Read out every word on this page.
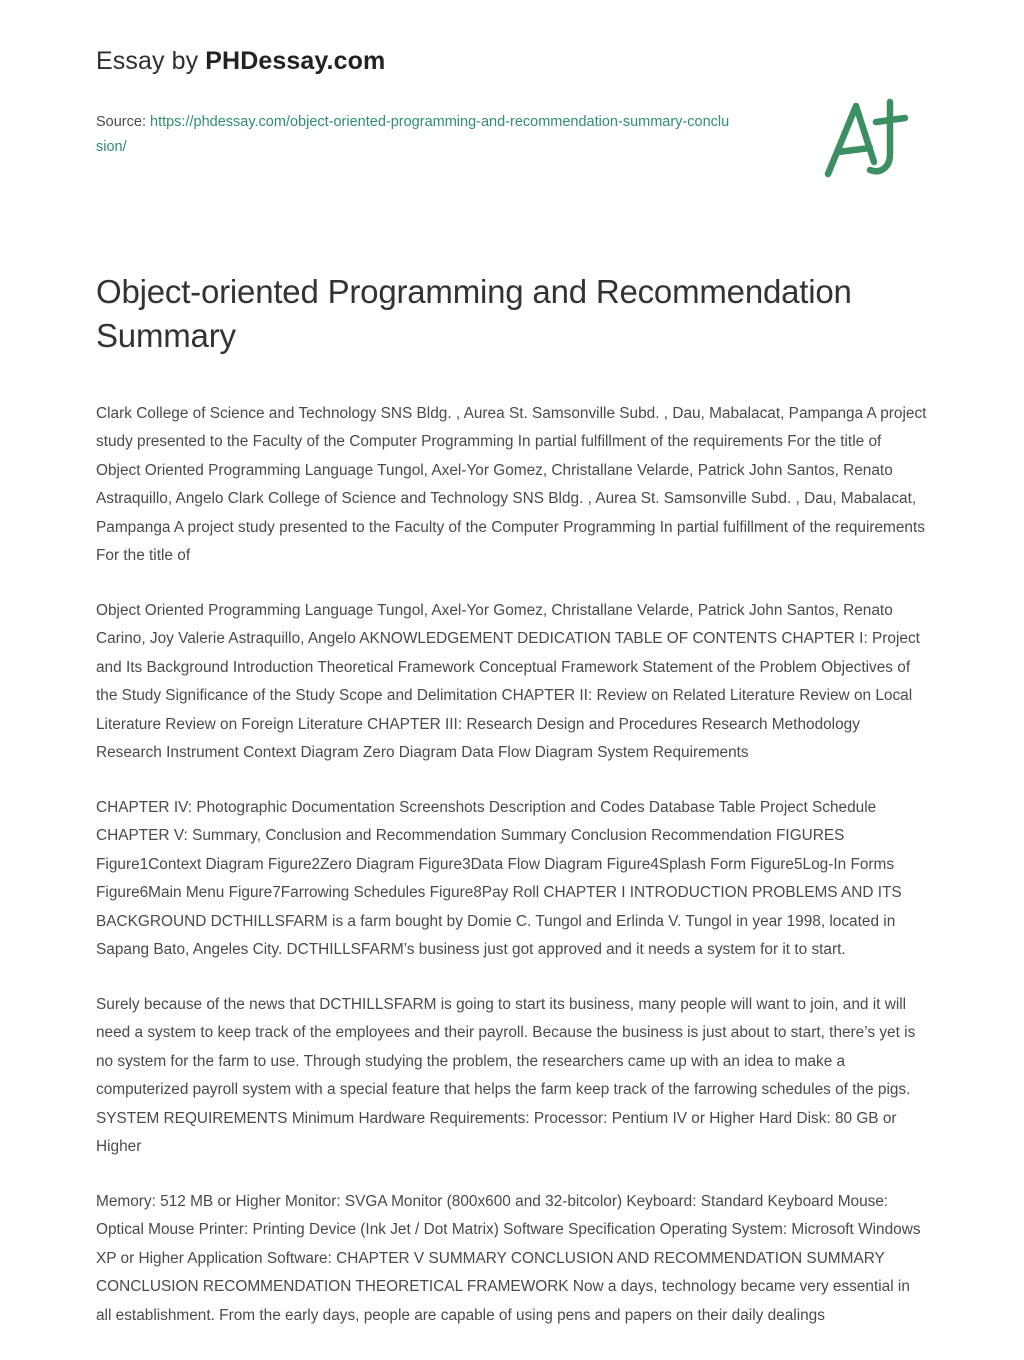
Essay by PHDessay.com
Source: https://phdessay.com/object-oriented-programming-and-recommendation-summary-conclusion/
Object-oriented Programming and Recommendation Summary

Clark College of Science and Technology SNS Bldg. , Aurea St. Samsonville Subd. , Dau, Mabalacat, Pampanga A project study presented to the Faculty of the Computer Programming In partial fulfillment of the requirements For the title of Object Oriented Programming Language Tungol, Axel-Yor Gomez, Christallane Velarde, Patrick John Santos, Renato Astraquillo, Angelo Clark College of Science and Technology SNS Bldg. , Aurea St. Samsonville Subd. , Dau, Mabalacat, Pampanga A project study presented to the Faculty of the Computer Programming In partial fulfillment of the requirements For the title of

Object Oriented Programming Language Tungol, Axel-Yor Gomez, Christallane Velarde, Patrick John Santos, Renato Carino, Joy Valerie Astraquillo, Angelo AKNOWLEDGEMENT DEDICATION TABLE OF CONTENTS CHAPTER I: Project and Its Background Introduction Theoretical Framework Conceptual Framework Statement of the Problem Objectives of the Study Significance of the Study Scope and Delimitation CHAPTER II: Review on Related Literature Review on Local Literature Review on Foreign Literature CHAPTER III: Research Design and Procedures Research Methodology Research Instrument Context Diagram Zero Diagram Data Flow Diagram System Requirements

CHAPTER IV: Photographic Documentation Screenshots Description and Codes Database Table Project Schedule CHAPTER V: Summary, Conclusion and Recommendation Summary Conclusion Recommendation FIGURES Figure1Context Diagram Figure2Zero Diagram Figure3Data Flow Diagram Figure4Splash Form Figure5Log-In Forms Figure6Main Menu Figure7Farrowing Schedules Figure8Pay Roll CHAPTER I INTRODUCTION PROBLEMS AND ITS BACKGROUND DCTHILLSFARM is a farm bought by Domie C. Tungol and Erlinda V. Tungol in year 1998, located in Sapang Bato, Angeles City. DCTHILLSFARM’s business just got approved and it needs a system for it to start.

Surely because of the news that DCTHILLSFARM is going to start its business, many people will want to join, and it will need a system to keep track of the employees and their payroll. Because the business is just about to start, there’s yet is no system for the farm to use. Through studying the problem, the researchers came up with an idea to make a computerized payroll system with a special feature that helps the farm keep track of the farrowing schedules of the pigs. SYSTEM REQUIREMENTS Minimum Hardware Requirements: Processor: Pentium IV or Higher Hard Disk: 80 GB or Higher

Memory: 512 MB or Higher Monitor: SVGA Monitor (800x600 and 32-bitcolor) Keyboard: Standard Keyboard Mouse: Optical Mouse Printer: Printing Device (Ink Jet / Dot Matrix) Software Specification Operating System: Microsoft Windows XP or Higher Application Software: CHAPTER V SUMMARY CONCLUSION AND RECOMMENDATION SUMMARY CONCLUSION RECOMMENDATION THEORETICAL FRAMEWORK Now a days, technology became very essential in all establishment. From the early days, people are capable of using pens and papers on their daily dealings
